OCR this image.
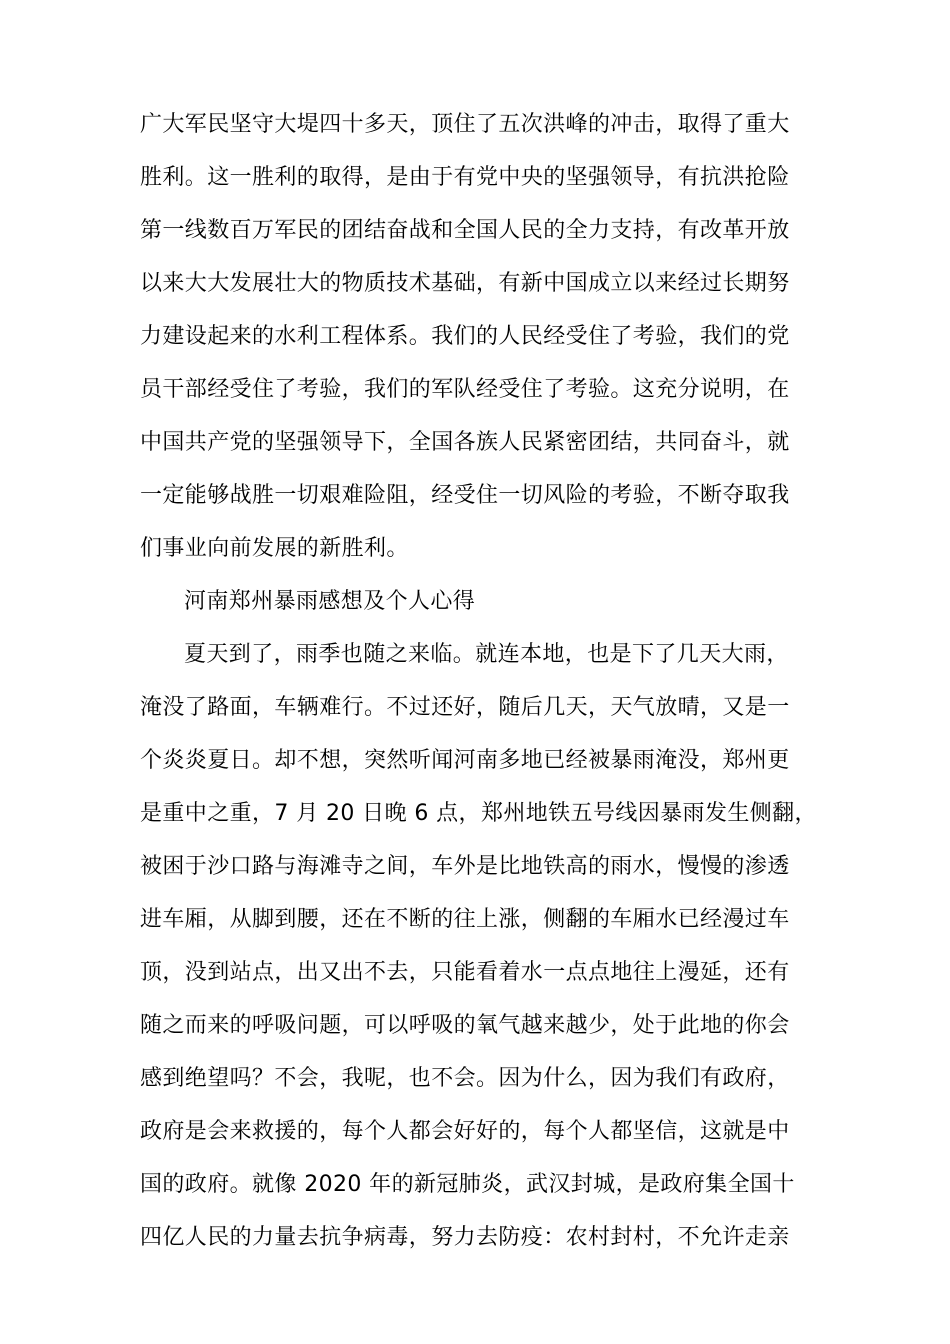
广大军民坚守大堤四十多天，顶住了五次洪峰的冲击，取得了重大
胜利。这一胜利的取得，是由于有党中央的坚强领导，有抗洪抢险
第一线数百万军民的团结奋战和全国人民的全力支持，有改革开放
以来大大发展壮大的物质技术基础，有新中国成立以来经过长期努
力建设起来的水利工程体系。我们的人民经受住了考验，我们的党
员干部经受住了考验，我们的军队经受住了考验。这充分说明，在
中国共产党的坚强领导下，全国各族人民紧密团结，共同奋斗，就
一定能够战胜一切艰难险阻，经受住一切风险的考验，不断夺取我
们事业向前发展的新胜利。
河南郑州暴雨感想及个人心得
夏天到了，雨季也随之来临。就连本地，也是下了几天大雨，
淹没了路面，车辆难行。不过还好，随后几天，天气放晴，又是一
个炎炎夏日。却不想，突然听闻河南多地已经被暴雨淹没，郑州更
是重中之重，7 月 20 日晚 6 点，郑州地铁五号线因暴雨发生侧翻，
被困于沙口路与海滩寺之间，车外是比地铁高的雨水，慢慢的渗透
进车厢，从脚到腰，还在不断的往上涨，侧翻的车厢水已经漫过车
顶，没到站点，出又出不去，只能看着水一点点地往上漫延，还有
随之而来的呼吸问题，可以呼吸的氧气越来越少，处于此地的你会
感到绝望吗？不会，我呢，也不会。因为什么，因为我们有政府，
政府是会来救援的，每个人都会好好的，每个人都坚信，这就是中
国的政府。就像 2020 年的新冠肺炎，武汉封城，是政府集全国十
四亿人民的力量去抗争病毒，努力去防疫：农村封村，不允许走亲
